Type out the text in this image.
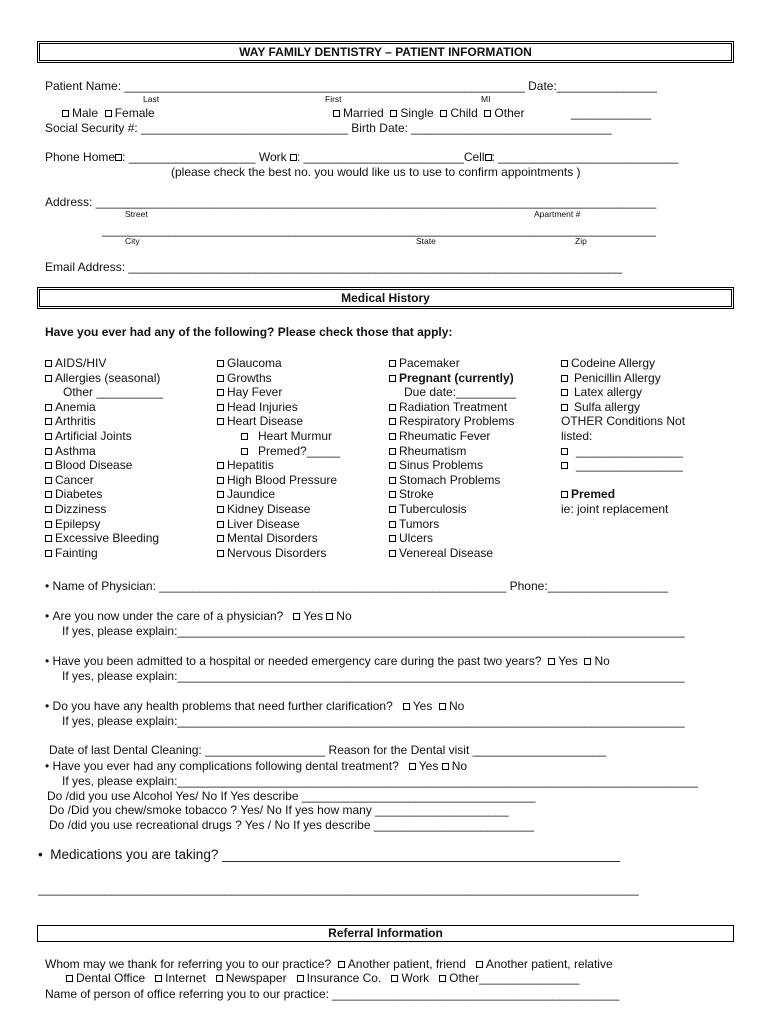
WAY FAMILY DENTISTRY – PATIENT INFORMATION
Patient Name: ____________________________________________________________ Date:_______________
Last	First	MI
Male Female	Married Single Child Other	____________
Social Security #: _______________________________ Birth Date: ______________________________
Phone Home : ___________________ Work : ________________________Cell : ___________________________
(please check the best no. you would like us to use to confirm appointments )
Address: ____________________________________________________________________________________
Street	Apartment #
___________________________________________________________________________________
City	State	Zip
Email Address: __________________________________________________________________________
Medical History
Have you ever had any of the following? Please check those that apply:
AIDS/HIV
Allergies (seasonal)
Other __________
Anemia
Arthritis
Artificial Joints
Asthma
Blood Disease
Cancer
Diabetes
Dizziness
Epilepsy
Excessive Bleeding
Fainting
Glaucoma
Growths
Hay Fever
Head Injuries
Heart Disease
Heart Murmur
Premed?_____
Hepatitis
High Blood Pressure
Jaundice
Kidney Disease
Liver Disease
Mental Disorders
Nervous Disorders
Pacemaker
Pregnant (currently)
Due date:_________
Radiation Treatment
Respiratory Problems
Rheumatic Fever
Rheumatism
Sinus Problems
Stomach Problems
Stroke
Tuberculosis
Tumors
Ulcers
Venereal Disease
Codeine Allergy
Penicillin Allergy
Latex allergy
Sulfa allergy
OTHER Conditions Not
listed:
________________
________________
Premed
ie: joint replacement
• Name of Physician: ____________________________________________________ Phone:__________________
• Are you now under the care of a physician? Yes No
If yes, please explain:____________________________________________________________________________
• Have you been admitted to a hospital or needed emergency care during the past two years? Yes No
If yes, please explain:____________________________________________________________________________
• Do you have any health problems that need further clarification? Yes No
If yes, please explain:____________________________________________________________________________
Date of last Dental Cleaning: __________________ Reason for the Dental visit ____________________
• Have you ever had any complications following dental treatment? Yes No
If yes, please explain:______________________________________________________________________________
Do /did you use Alcohol Yes/ No If Yes describe ___________________________________
Do /Did you chew/smoke tobacco ? Yes/ No If yes how many ____________________
Do /did you use recreational drugs ? Yes / No If yes describe ________________________
•  Medications you are taking? _____________________________________________________
__________________________________________________________________________________________
Referral Information
Whom may we thank for referring you to our practice? Another patient, friend Another patient, relative
Dental Office Internet Newspaper Insurance Co. Work Other_______________
Name of person of office referring you to our practice: ___________________________________________
